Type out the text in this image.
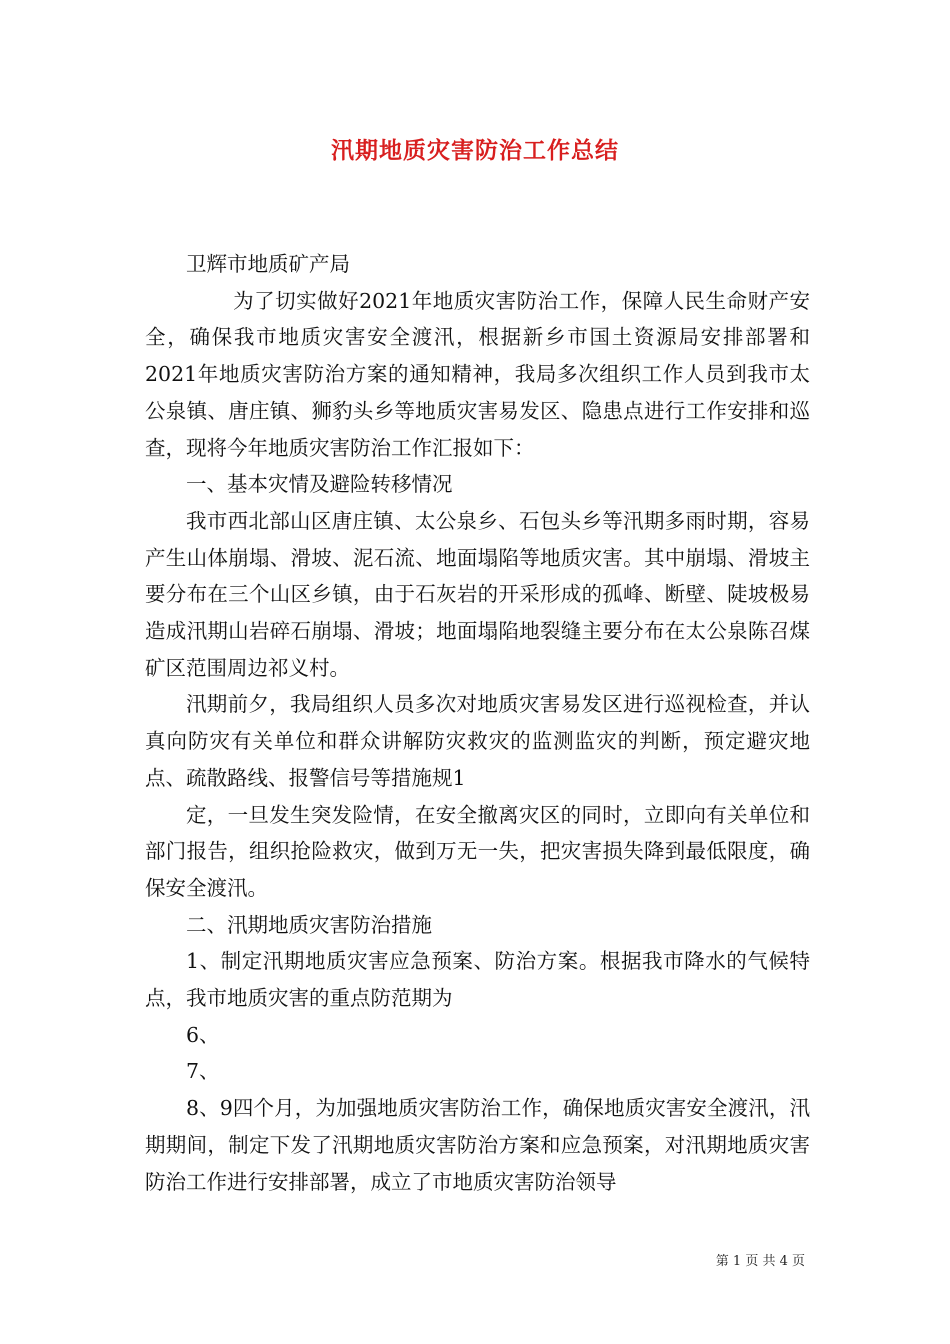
汛期地质灾害防治工作总结

卫辉市地质矿产局

为了切实做好2021年地质灾害防治工作，保障人民生命财产安全，确保我市地质灾害安全渡汛，根据新乡市国土资源局安排部署和2021年地质灾害防治方案的通知精神，我局多次组织工作人员到我市太公泉镇、唐庄镇、狮豹头乡等地质灾害易发区、隐患点进行工作安排和巡查，现将今年地质灾害防治工作汇报如下：

一、基本灾情及避险转移情况

我市西北部山区唐庄镇、太公泉乡、石包头乡等汛期多雨时期，容易产生山体崩塌、滑坡、泥石流、地面塌陷等地质灾害。其中崩塌、滑坡主要分布在三个山区乡镇，由于石灰岩的开采形成的孤峰、断壁、陡坡极易造成汛期山岩碎石崩塌、滑坡；地面塌陷地裂缝主要分布在太公泉陈召煤矿区范围周边祁义村。

汛期前夕，我局组织人员多次对地质灾害易发区进行巡视检查，并认真向防灾有关单位和群众讲解防灾救灾的监测监灾的判断，预定避灾地点、疏散路线、报警信号等措施规1

定，一旦发生突发险情，在安全撤离灾区的同时，立即向有关单位和部门报告，组织抢险救灾，做到万无一失，把灾害损失降到最低限度，确保安全渡汛。

二、汛期地质灾害防治措施

1、制定汛期地质灾害应急预案、防治方案。根据我市降水的气候特点，我市地质灾害的重点防范期为

6、

7、

8、9四个月，为加强地质灾害防治工作，确保地质灾害安全渡汛，汛期期间，制定下发了汛期地质灾害防治方案和应急预案，对汛期地质灾害防治工作进行安排部署，成立了市地质灾害防治领导

第 1 页 共 4 页
